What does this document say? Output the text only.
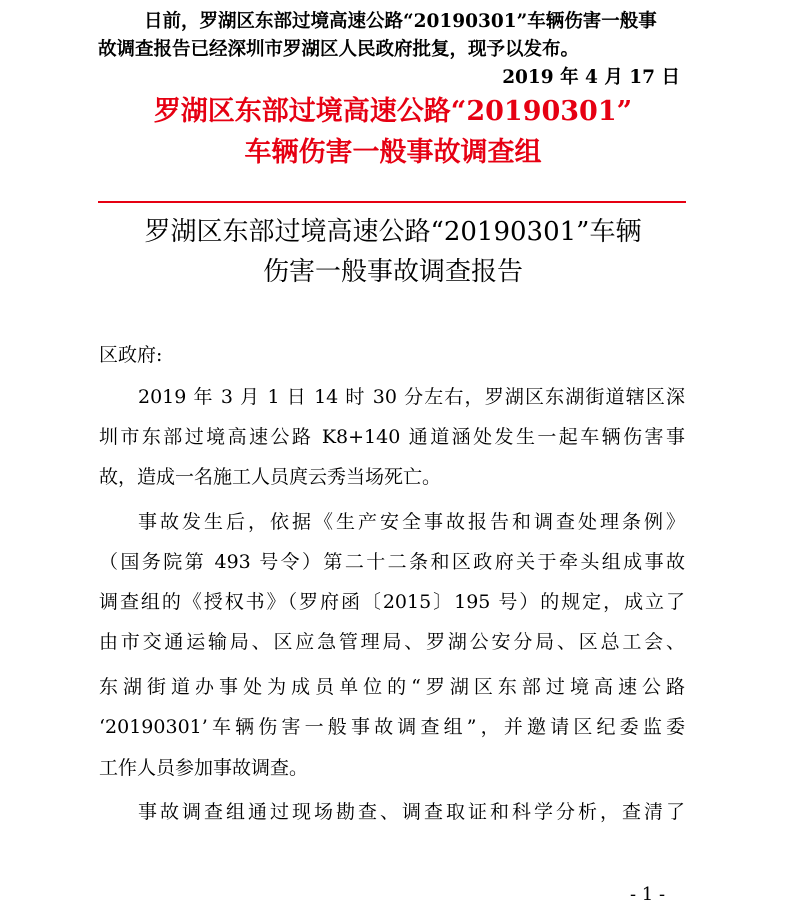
日前，罗湖区东部过境高速公路“20190301”车辆伤害一般事
故调查报告已经深圳市罗湖区人民政府批复，现予以发布。
2019 年 4 月 17 日
罗湖区东部过境高速公路“20190301”
车辆伤害一般事故调查组
罗湖区东部过境高速公路“20190301”车辆
伤害一般事故调查报告
区政府:
2019 年 3 月 1 日 14 时 30 分左右，罗湖区东湖街道辖区深
圳市东部过境高速公路 K8+140 通道涵处发生一起车辆伤害事
故，造成一名施工人员庹云秀当场死亡。
事故发生后，依据《生产安全事故报告和调查处理条例》
（国务院第 493 号令）第二十二条和区政府关于牵头组成事故
调查组的《授权书》（罗府函〔2015〕195 号）的规定，成立了
由市交通运输局、区应急管理局、罗湖公安分局、区总工会、
东湖街道办事处为成员单位的“罗湖区东部过境高速公路
‘20190301’车辆伤害一般事故调查组”，并邀请区纪委监委
工作人员参加事故调查。
事故调查组通过现场勘查、调查取证和科学分析，查清了
- 1 -
